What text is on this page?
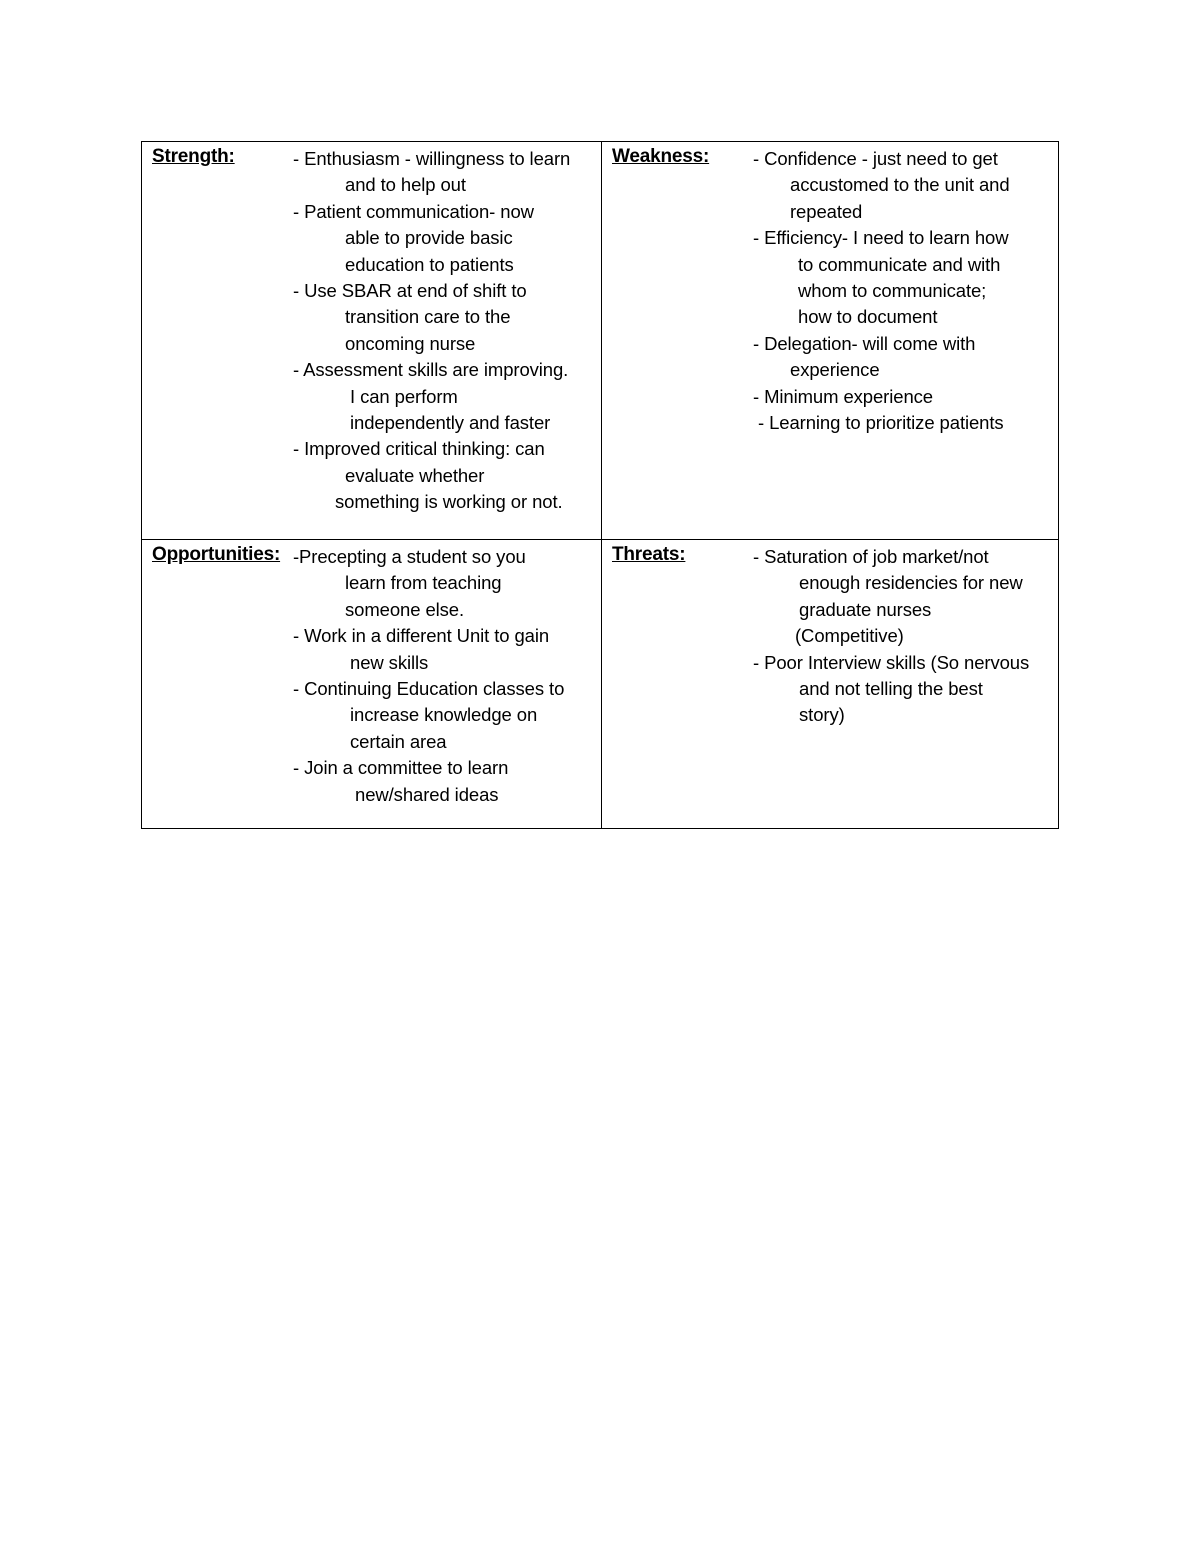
Strength:	- Enthusiasm - willingness to learn
and to help out
- Patient communication- now
able to provide basic
education to patients
- Use SBAR at end of shift to
transition care to the
oncoming nurse
- Assessment skills are improving.
I can perform
independently and faster
- Improved critical thinking: can
evaluate whether
something is working or not.
Weakness: - Confidence - just need to get
accustomed to the unit and
repeated
- Efficiency- I need to learn how
to communicate and with
whom to communicate;
how to document
- Delegation- will come with
experience
- Minimum experience
- Learning to prioritize patients
Opportunities: -Precepting a student so you
learn from teaching
someone else.
- Work in a different Unit to gain
new skills
- Continuing Education classes to
increase knowledge on
certain area
- Join a committee to learn
new/shared ideas
Threats:	- Saturation of job market/not
enough residencies for new
graduate nurses
(Competitive)
- Poor Interview skills (So nervous
and not telling the best
story)
